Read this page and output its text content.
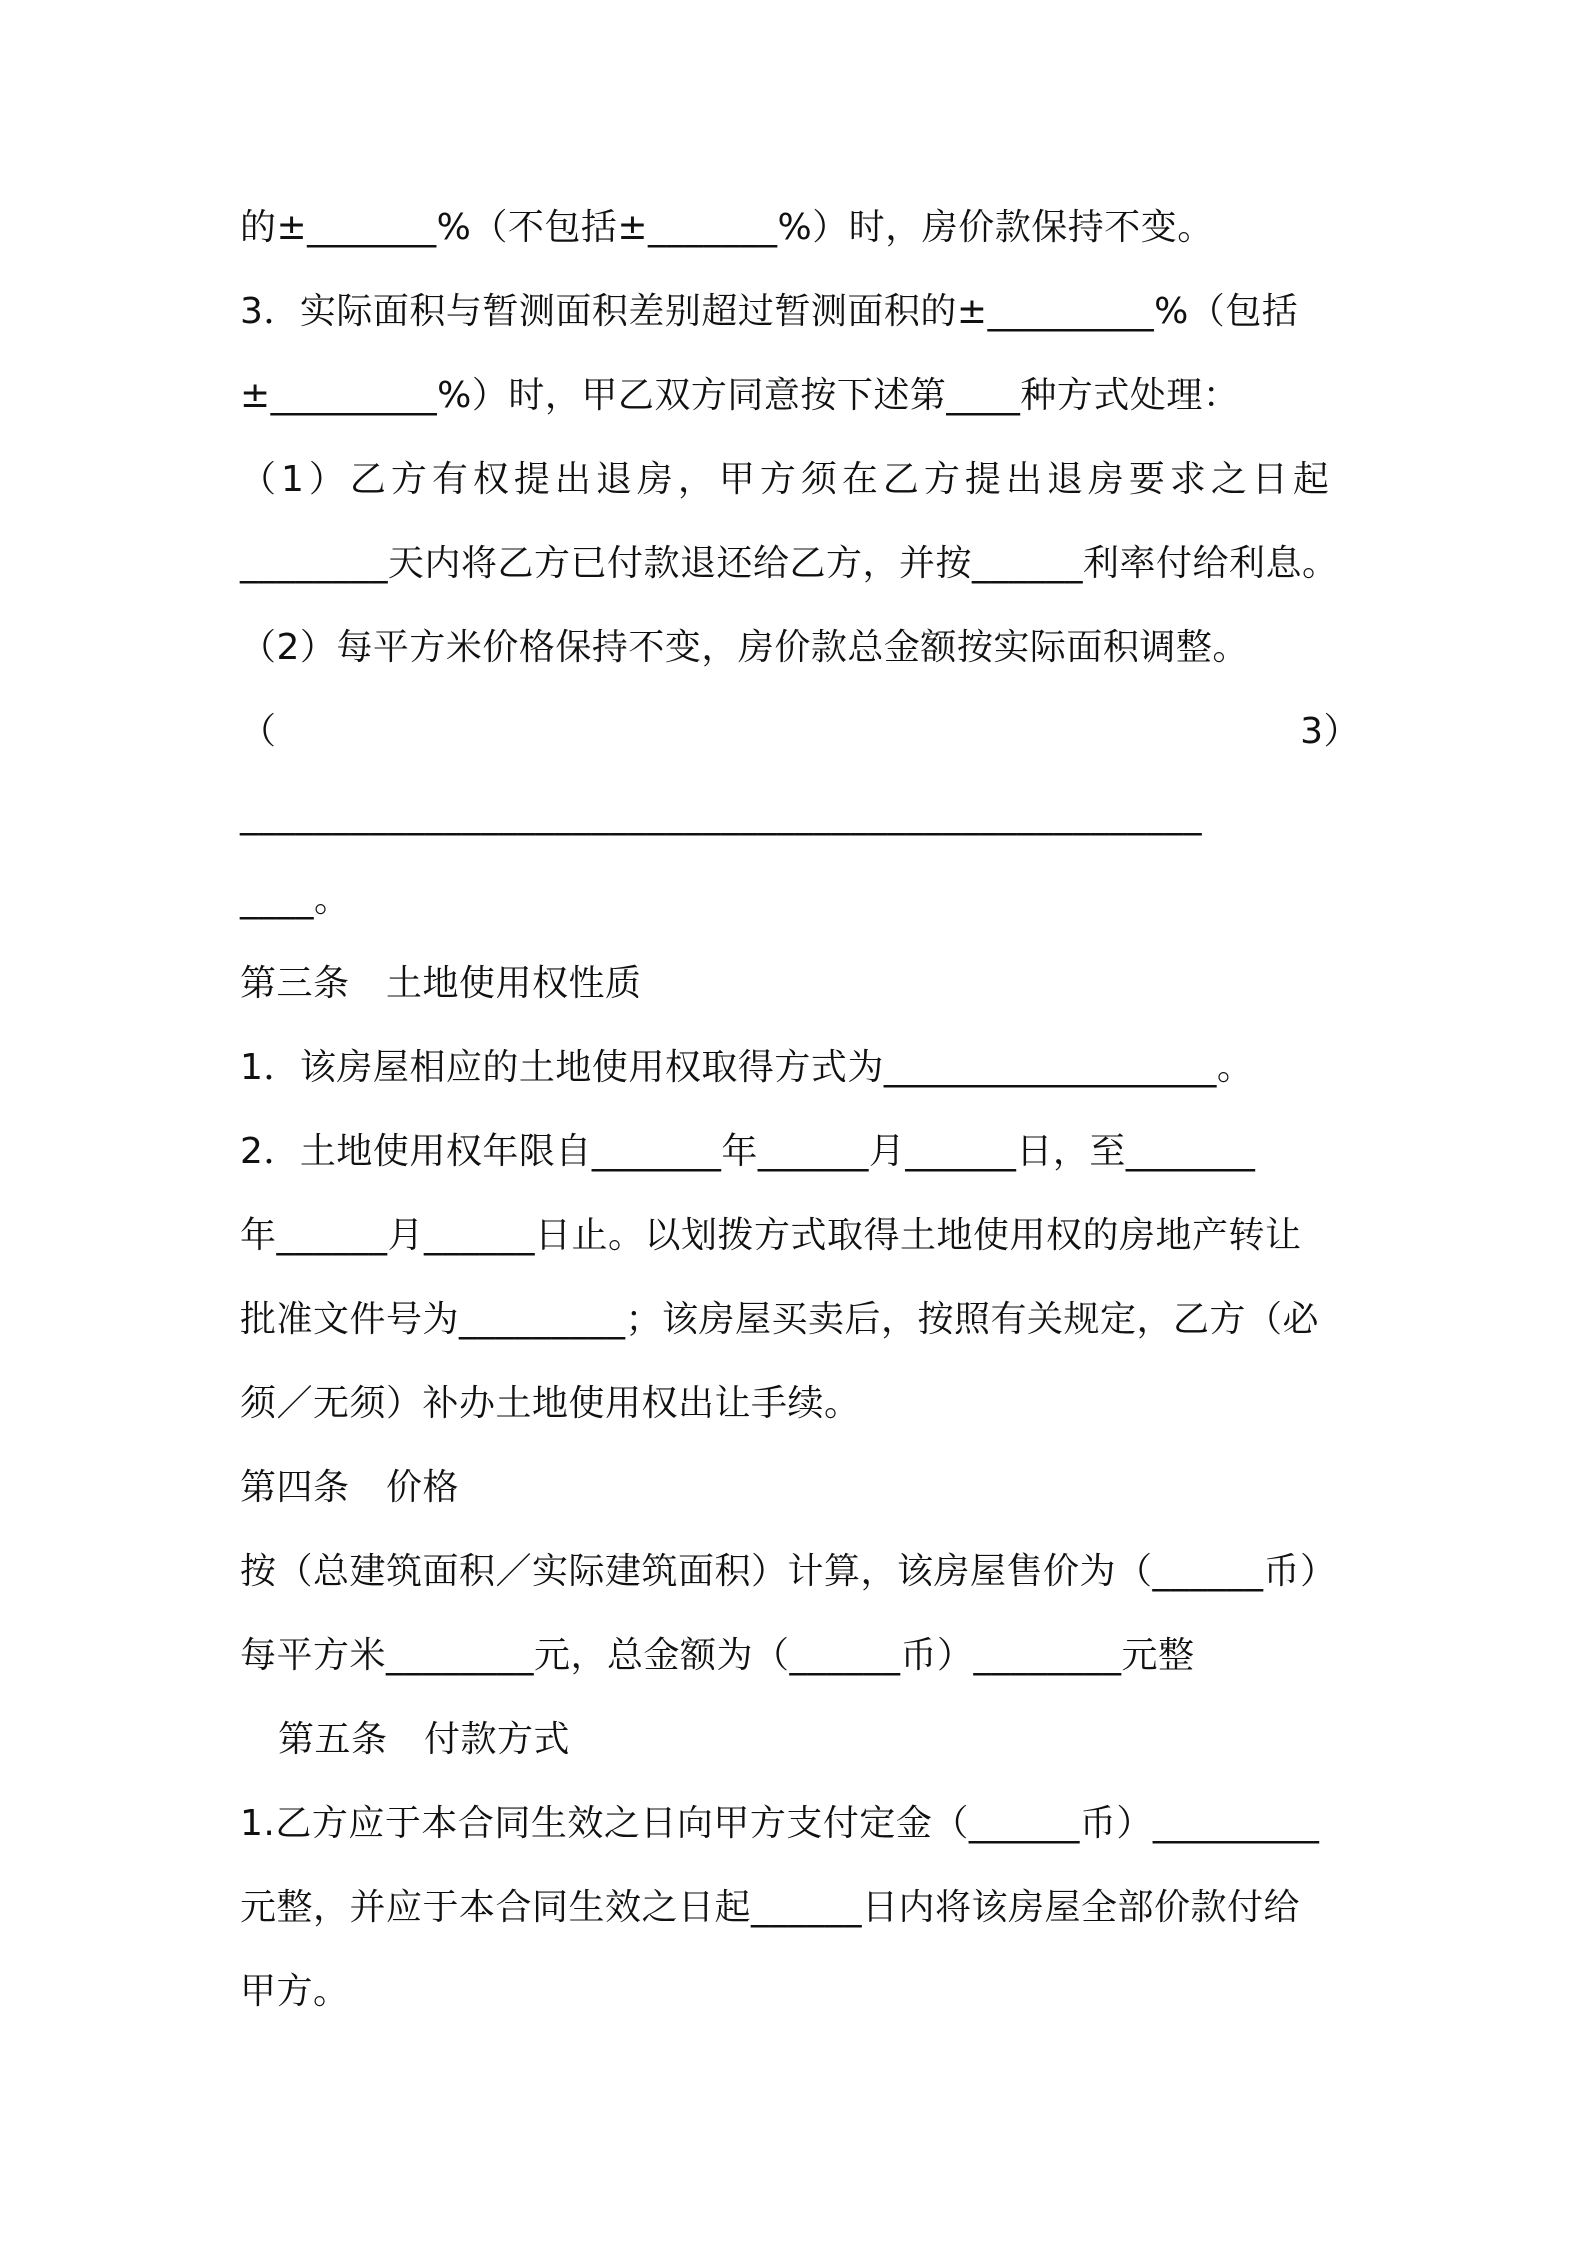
的±_______%（不包括±_______%）时，房价款保持不变。
3．实际面积与暂测面积差别超过暂测面积的±_________%（包括
±_________%）时，甲乙双方同意按下述第____种方式处理：
（1）乙方有权提出退房，甲方须在乙方提出退房要求之日起
________天内将乙方已付款退还给乙方，并按______利率付给利息。
（2）每平方米价格保持不变，房价款总金额按实际面积调整。
（	3）
____________________________________________________
____。
第三条　土地使用权性质
1．该房屋相应的土地使用权取得方式为__________________。
2．土地使用权年限自_______年______月______日，至_______
年______月______日止。以划拨方式取得土地使用权的房地产转让
批准文件号为_________；该房屋买卖后，按照有关规定，乙方（必
须／无须）补办土地使用权出让手续。
第四条　价格
按（总建筑面积／实际建筑面积）计算，该房屋售价为（______币）
每平方米________元，总金额为（______币）________元整
第五条　付款方式
1.乙方应于本合同生效之日向甲方支付定金（______币）_________
元整，并应于本合同生效之日起______日内将该房屋全部价款付给
甲方。
